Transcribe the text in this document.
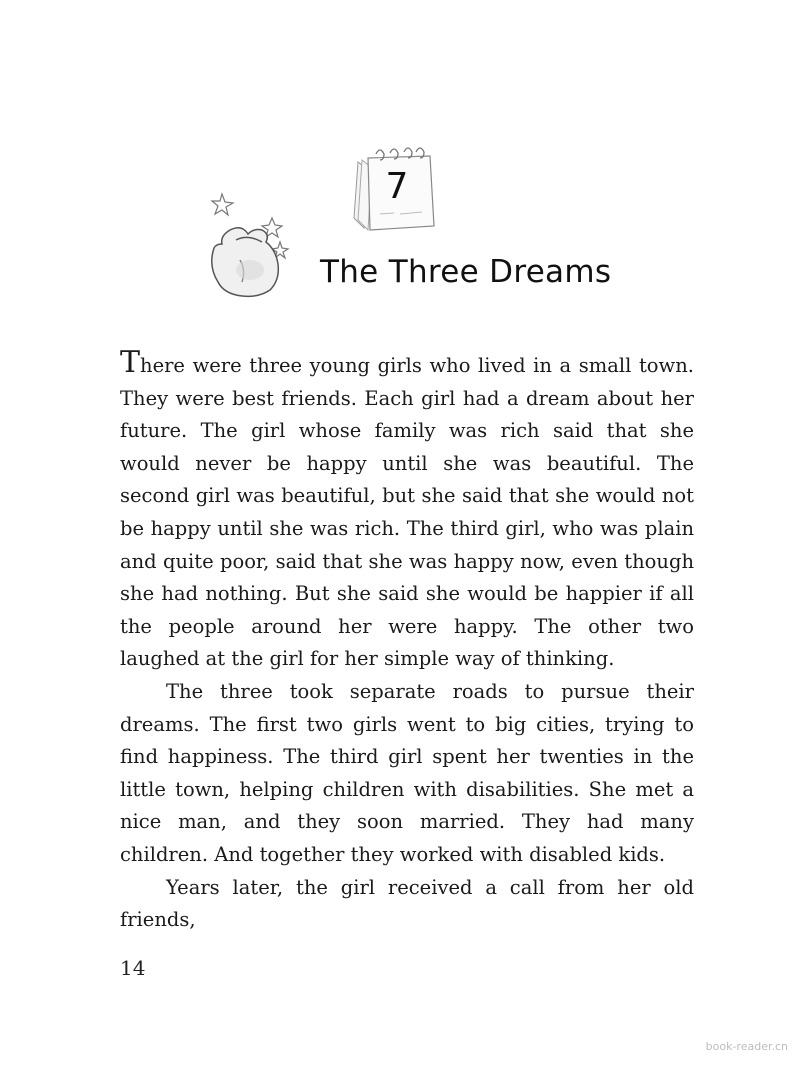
7
The Three Dreams

There were three young girls who lived in a small town. They were best friends. Each girl had a dream about her future. The girl whose family was rich said that she would never be happy until she was beautiful. The second girl was beautiful, but she said that she would not be happy until she was rich. The third girl, who was plain and quite poor, said that she was happy now, even though she had nothing. But she said she would be happier if all the people around her were happy. The other two laughed at the girl for her simple way of thinking.

The three took separate roads to pursue their dreams. The first two girls went to big cities, trying to find happiness. The third girl spent her twenties in the little town, helping children with disabilities. She met a nice man, and they soon married. They had many children. And together they worked with disabled kids.

Years later, the girl received a call from her old friends,

14
book-reader.cn
